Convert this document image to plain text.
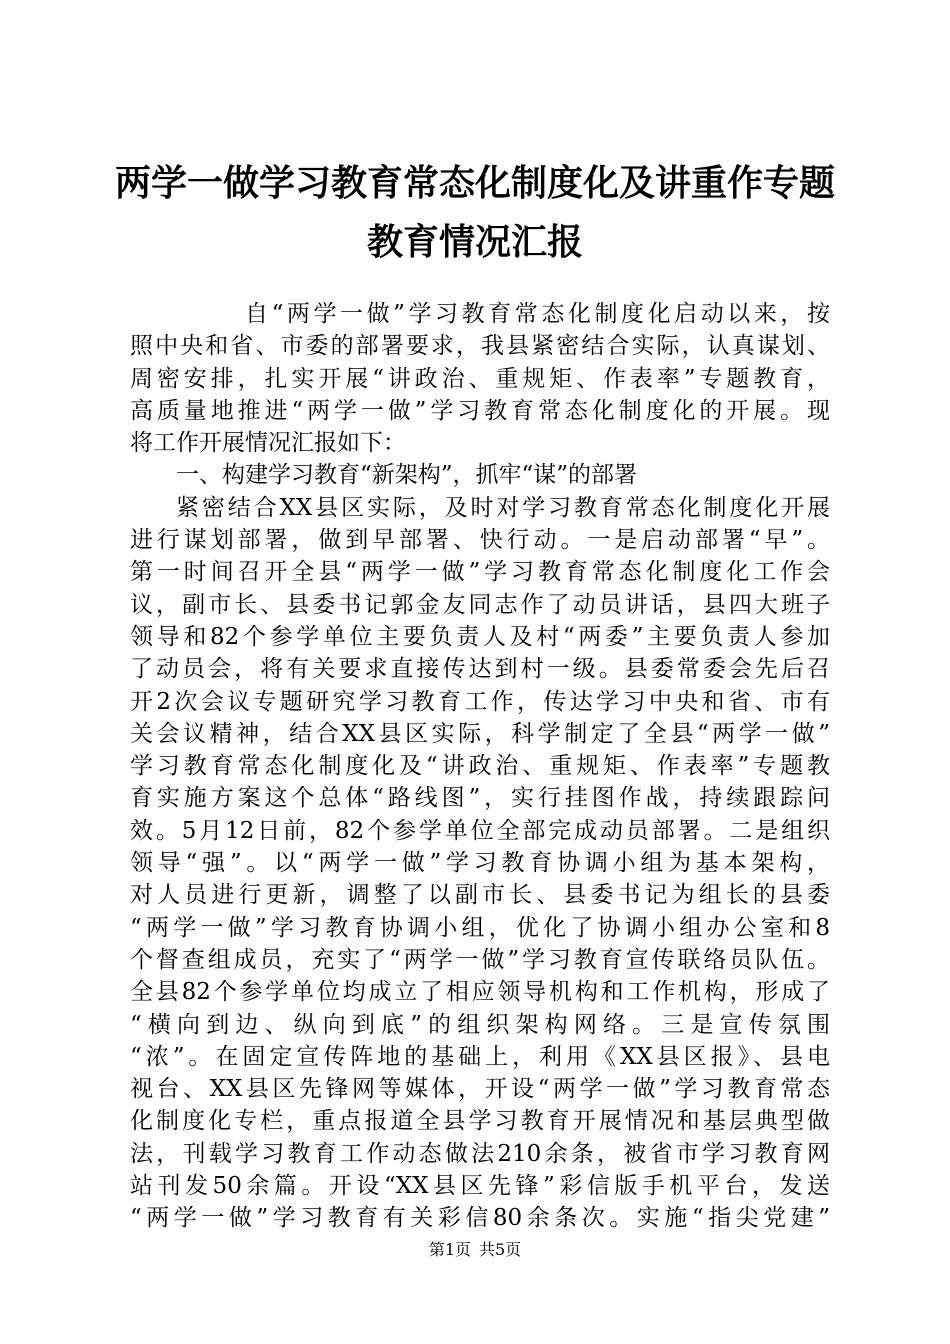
两学一做学习教育常态化制度化及讲重作专题
教育情况汇报
自“两学一做”学习教育常态化制度化启动以来，按
照中央和省、市委的部署要求，我县紧密结合实际，认真谋划、
周密安排，扎实开展“讲政治、重规矩、作表率”专题教育，
高质量地推进“两学一做”学习教育常态化制度化的开展。现
将工作开展情况汇报如下：
一、构建学习教育“新架构”，抓牢“谋”的部署
紧密结合XX县区实际，及时对学习教育常态化制度化开展
进行谋划部署，做到早部署、快行动。一是启动部署“早”。
第一时间召开全县“两学一做”学习教育常态化制度化工作会
议，副市长、县委书记郭金友同志作了动员讲话，县四大班子
领导和82个参学单位主要负责人及村“两委”主要负责人参加
了动员会，将有关要求直接传达到村一级。县委常委会先后召
开2次会议专题研究学习教育工作，传达学习中央和省、市有
关会议精神，结合XX县区实际，科学制定了全县“两学一做”
学习教育常态化制度化及“讲政治、重规矩、作表率”专题教
育实施方案这个总体“路线图”，实行挂图作战，持续跟踪问
效。5月12日前，82个参学单位全部完成动员部署。二是组织
领导“强”。以“两学一做”学习教育协调小组为基本架构，
对人员进行更新，调整了以副市长、县委书记为组长的县委
“两学一做”学习教育协调小组，优化了协调小组办公室和8
个督查组成员，充实了“两学一做”学习教育宣传联络员队伍。
全县82个参学单位均成立了相应领导机构和工作机构，形成了
“横向到边、纵向到底”的组织架构网络。三是宣传氛围
“浓”。在固定宣传阵地的基础上，利用《XX县区报》、县电
视台、XX县区先锋网等媒体，开设“两学一做”学习教育常态
化制度化专栏，重点报道全县学习教育开展情况和基层典型做
法，刊载学习教育工作动态做法210余条，被省市学习教育网
站刊发50余篇。开设“XX县区先锋”彩信版手机平台，发送
“两学一做”学习教育有关彩信80余条次。实施“指尖党建”
第1页 共5页
